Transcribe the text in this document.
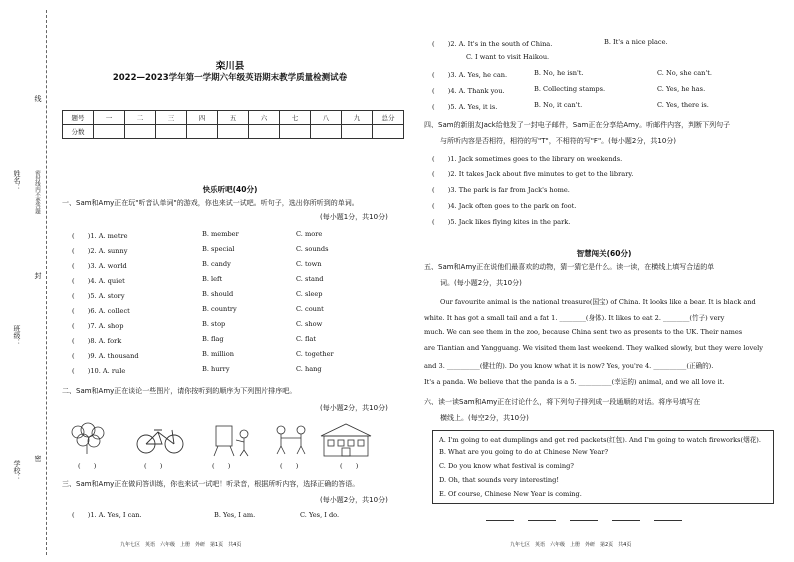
线
姓名： 密封线内不要答题
封
班级：
密
学校：
栾川县
2022—2023学年第一学期六年级英语期末教学质量检测试卷
题号	一	二	三	四	五	六	七	八	九	总分
分数										
快乐听吧(40分)
一、Sam和Amy正在玩"听音认单词"的游戏，你也来试一试吧。听句子，选出你所听到的单词。
(每小题1分，共10分)
(　　)1. A. metre	B. member	C. more
(　　)2. A. sunny	B. special	C. sounds
(　　)3. A. world	B. candy	C. town
(　　)4. A. quiet	B. left	C. stand
(　　)5. A. story	B. should	C. sleep
(　　)6. A. collect	B. country	C. count
(　　)7. A. shop	B. stop	C. show
(　　)8. A. fork	B. flag	C. flat
(　　)9. A. thousand	B. million	C. together
(　　)10. A. rule	B. hurry	C. hang
二、Sam和Amy正在谈论一些图片，请你按听到的顺序为下列图片排序吧。
(每小题2分，共10分)
(　　)	(　　)	(　　)	(　　)	(　　)
三、Sam和Amy正在做问答训练，你也来试一试吧！听录音，根据所听内容，选择正确的答语。
(每小题2分，共10分)
(　　)1. A. Yes, I can.	B. Yes, I am.	C. Yes, I do.
九年七区　英语　六年级　上册　外研　第1页　共4页
(　　)2. A. It's in the south of China.	B. It's a nice place.
C. I want to visit Haikou.
(　　)3. A. Yes, he can.	B. No, he isn't.	C. No, she can't.
(　　)4. A. Thank you.	B. Collecting stamps.	C. Yes, he has.
(　　)5. A. Yes, it is.	B. No, it can't.	C. Yes, there is.
四、Sam的新朋友Jack给他发了一封电子邮件，Sam正在分享给Amy。听邮件内容，判断下列句子
与所听内容是否相符，相符的写"T"，不相符的写"F"。(每小题2分，共10分)
(　　)1. Jack sometimes goes to the library on weekends.
(　　)2. It takes Jack about five minutes to get to the library.
(　　)3. The park is far from Jack's home.
(　　)4. Jack often goes to the park on foot.
(　　)5. Jack likes flying kites in the park.
智慧闯关(60分)
五、Sam和Amy正在说他们最喜欢的动物，猜一猜它是什么。读一读，在横线上填写合适的单
词。(每小题2分，共10分)
Our favourite animal is the national treasure(国宝) of China. It looks like a bear. It is black and
white. It has got a small tail and a fat 1. ________(身体). It likes to eat 2. ________(竹子) very
much. We can see them in the zoo, because China sent two as presents to the UK. Their names
are Tiantian and Yangguang. We visited them last weekend. They walked slowly, but they were lovely
and 3. __________(健壮的). Do you know what it is now? Yes, you're 4. __________(正确的).
It's a panda. We believe that the panda is a 5. __________(幸运的) animal, and we all love it.
六、读一读Sam和Amy正在讨论什么，将下列句子排列成一段通顺的对话。将序号填写在
横线上。(每空2分，共10分)
A. I'm going to eat dumplings and get red packets(红包). And I'm going to watch fireworks(烟花).
B. What are you going to do at Chinese New Year?
C. Do you know what festival is coming?
D. Oh, that sounds very interesting!
E. Of course, Chinese New Year is coming.
九年七区　英语　六年级　上册　外研　第2页　共4页
